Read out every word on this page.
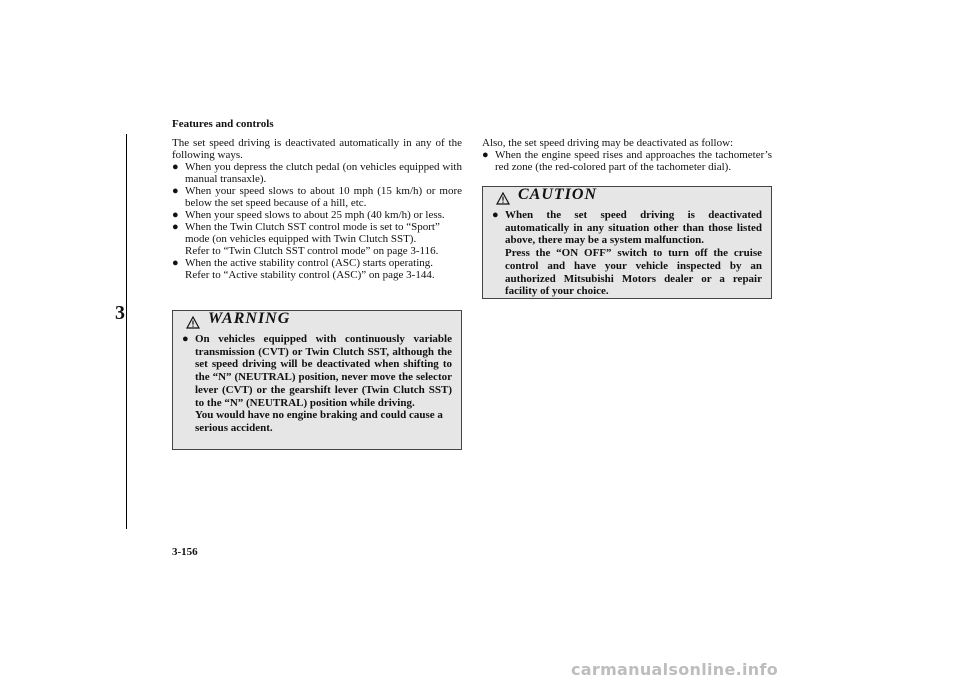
Features and controls
3

The set speed driving is deactivated automatically in any of the following ways.

● When you depress the clutch pedal (on vehicles equipped with manual transaxle).
● When your speed slows to about 10 mph (15 km/h) or more below the set speed because of a hill, etc.
● When your speed slows to about 25 mph (40 km/h) or less.
● When the Twin Clutch SST control mode is set to “Sport” mode (on vehicles equipped with Twin Clutch SST).
Refer to “Twin Clutch SST control mode” on page 3-116.
● When the active stability control (ASC) starts operating.
Refer to “Active stability control (ASC)” on page 3-144.
WARNING
● On vehicles equipped with continuously variable transmission (CVT) or Twin Clutch SST, although the set speed driving will be deactivated when shifting to the “N” (NEUTRAL) position, never move the selector lever (CVT) or the gearshift lever (Twin Clutch SST) to the “N” (NEUTRAL) position while driving.
You would have no engine braking and could cause a serious accident.

Also, the set speed driving may be deactivated as follow:

● When the engine speed rises and approaches the tachometer’s red zone (the red-colored part of the tachometer dial).
CAUTION
● When the set speed driving is deactivated automatically in any situation other than those listed above, there may be a system malfunction.
Press the “ON OFF” switch to turn off the cruise control and have your vehicle inspected by an authorized Mitsubishi Motors dealer or a repair facility of your choice.
3-156
carmanualsonline.info
